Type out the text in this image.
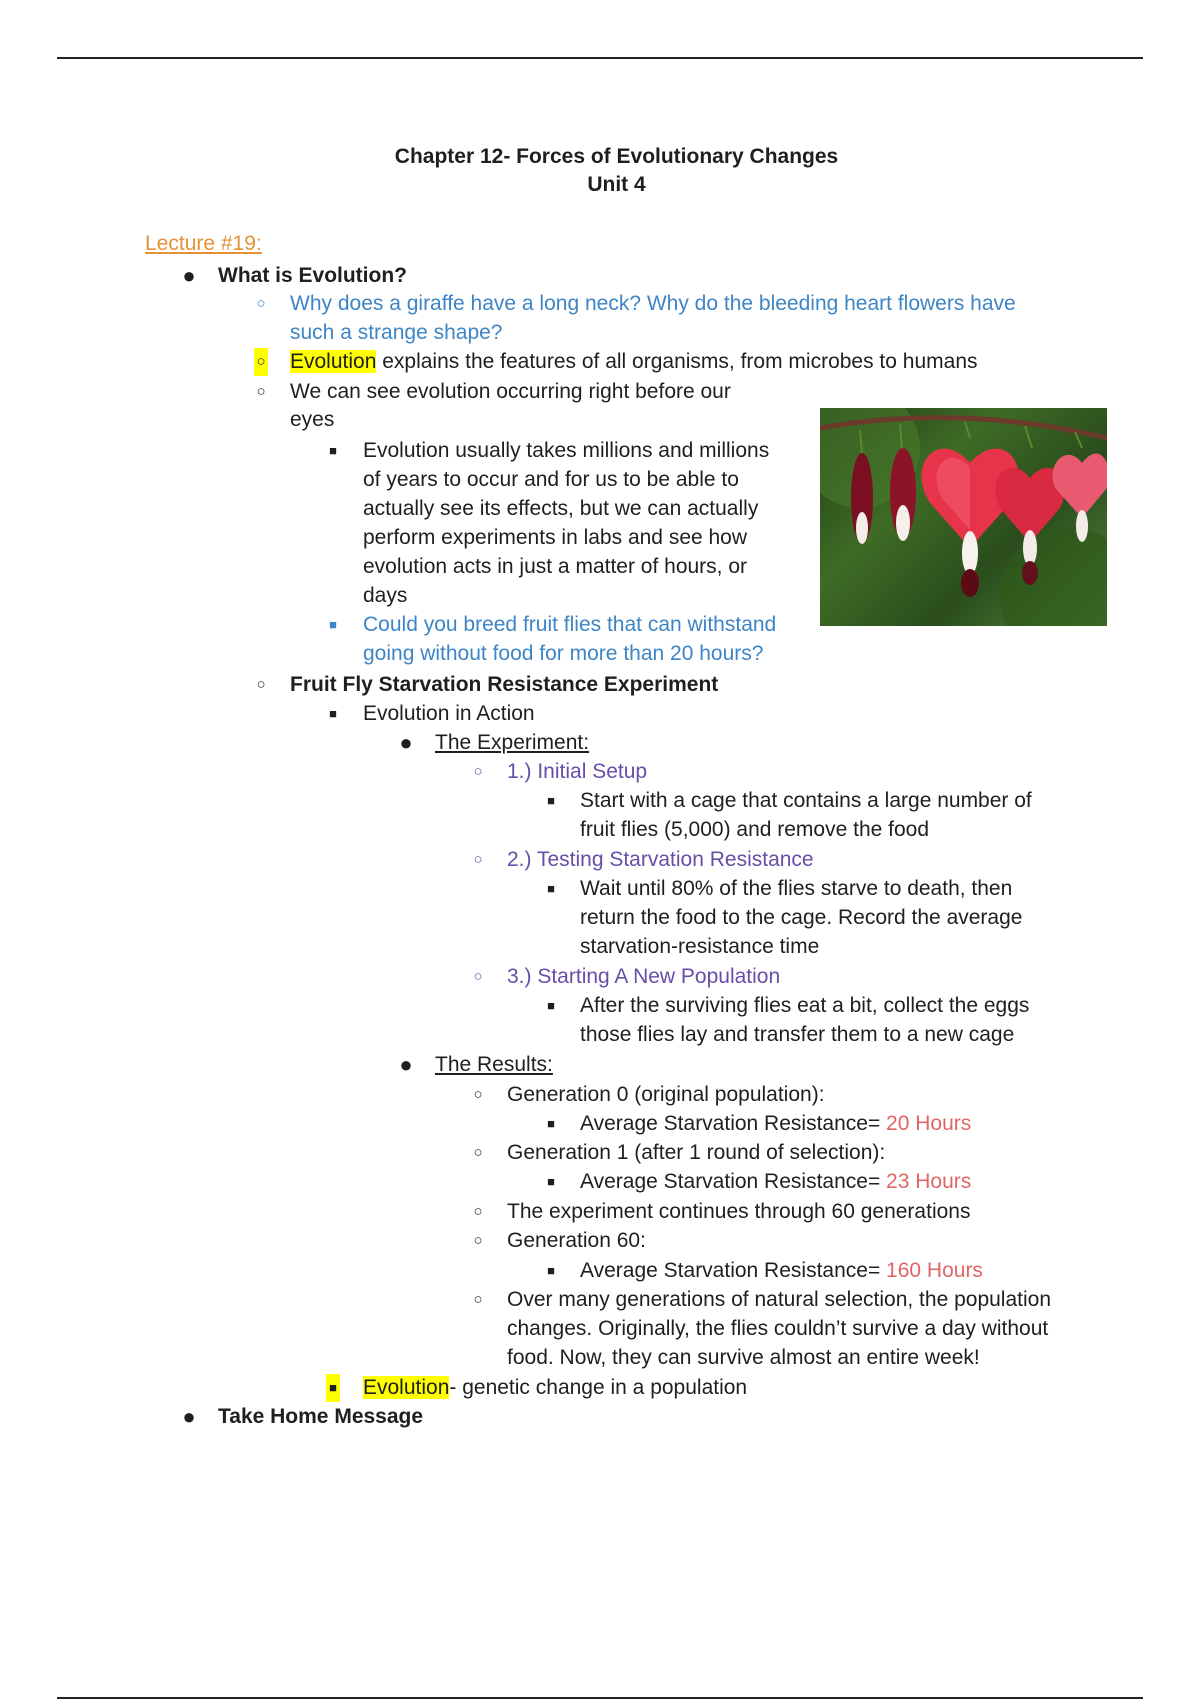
Chapter 12- Forces of Evolutionary Changes
Unit 4
Lecture #19:
● What is Evolution?
○ Why does a giraffe have a long neck? Why do the bleeding heart flowers have
such a strange shape?
○ Evolution explains the features of all organisms, from microbes to humans
○ We can see evolution occurring right before our
eyes
■ Evolution usually takes millions and millions
of years to occur and for us to be able to
actually see its effects, but we can actually
perform experiments in labs and see how
evolution acts in just a matter of hours, or
days
■ Could you breed fruit flies that can withstand
going without food for more than 20 hours?
○ Fruit Fly Starvation Resistance Experiment
■ Evolution in Action
● The Experiment:
○ 1.) Initial Setup
■ Start with a cage that contains a large number of
fruit flies (5,000) and remove the food
○ 2.) Testing Starvation Resistance
■ Wait until 80% of the flies starve to death, then
return the food to the cage. Record the average
starvation-resistance time
○ 3.) Starting A New Population
■ After the surviving flies eat a bit, collect the eggs
those flies lay and transfer them to a new cage
● The Results:
○ Generation 0 (original population):
■ Average Starvation Resistance= 20 Hours
○ Generation 1 (after 1 round of selection):
■ Average Starvation Resistance= 23 Hours
○ The experiment continues through 60 generations
○ Generation 60:
■ Average Starvation Resistance= 160 Hours
○ Over many generations of natural selection, the population
changes. Originally, the flies couldn’t survive a day without
food. Now, they can survive almost an entire week!
■ Evolution- genetic change in a population
● Take Home Message
